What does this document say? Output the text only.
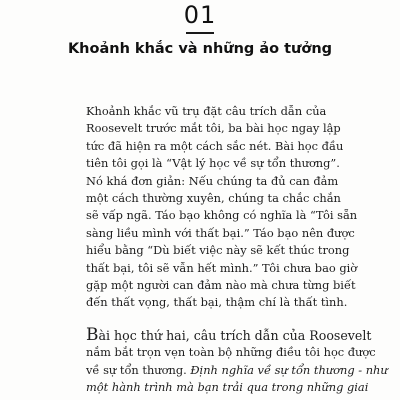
01
Khoảnh khắc và những ảo tưởng
Khoảnh khắc vũ trụ đặt câu trích dẫn của
Roosevelt trước mắt tôi, ba bài học ngay lập
tức đã hiện ra một cách sắc nét. Bài học đầu
tiên tôi gọi là “Vật lý học về sự tổn thương”.
Nó khá đơn giản: Nếu chúng ta đủ can đảm
một cách thường xuyên, chúng ta chắc chắn
sẽ vấp ngã. Táo bạo không có nghĩa là “Tôi sẵn
sàng liều mình với thất bại.” Táo bạo nên được
hiểu bằng “Dù biết việc này sẽ kết thúc trong
thất bại, tôi sẽ vẫn hết mình.” Tôi chưa bao giờ
gặp một người can đảm nào mà chưa từng biết
đến thất vọng, thất bại, thậm chí là thất tình.
Bài học thứ hai, câu trích dẫn của Roosevelt
nắm bắt trọn vẹn toàn bộ những điều tôi học được
về sự tổn thương. Định nghĩa về sự tổn thương - như
một hành trình mà bạn trải qua trong những giai
